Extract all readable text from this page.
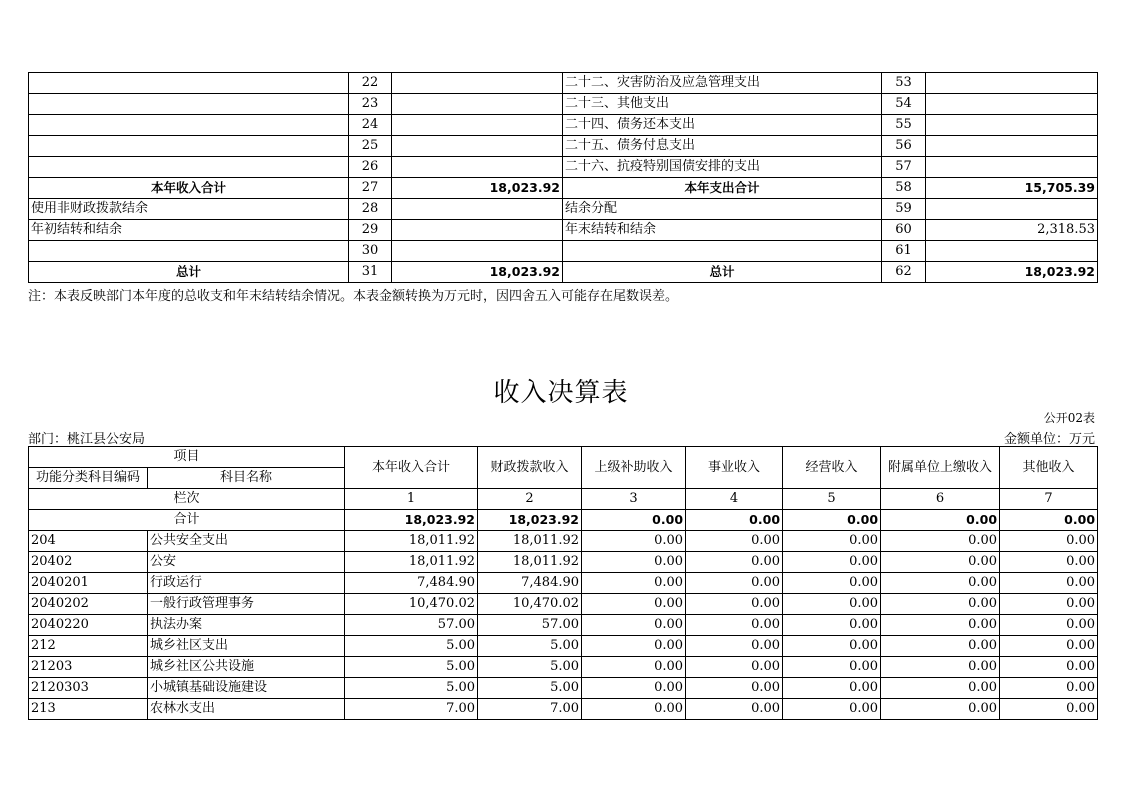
	22		二十二、灾害防治及应急管理支出	53	
	23		二十三、其他支出	54	
	24		二十四、债务还本支出	55	
	25		二十五、债务付息支出	56	
	26		二十六、抗疫特别国债安排的支出	57	
本年收入合计	27	18,023.92	本年支出合计	58	15,705.39
使用非财政拨款结余	28		结余分配	59	
年初结转和结余	29		年末结转和结余	60	2,318.53
	30			61	
总计	31	18,023.92	总计	62	18,023.92
注：本表反映部门本年度的总收支和年末结转结余情况。本表金额转换为万元时，因四舍五入可能存在尾数误差。
收入决算表
公开02表
部门：桃江县公安局	金额单位：万元
项目		本年收入合计	财政拨款收入	上级补助收入	事业收入	经营收入	附属单位上缴收入	其他收入
功能分类科目编码	科目名称							
栏次		1	2	3	4	5	6	7
合计		18,023.92	18,023.92	0.00	0.00	0.00	0.00	0.00
204	公共安全支出	18,011.92	18,011.92	0.00	0.00	0.00	0.00	0.00
20402	公安	18,011.92	18,011.92	0.00	0.00	0.00	0.00	0.00
2040201	行政运行	7,484.90	7,484.90	0.00	0.00	0.00	0.00	0.00
2040202	一般行政管理事务	10,470.02	10,470.02	0.00	0.00	0.00	0.00	0.00
2040220	执法办案	57.00	57.00	0.00	0.00	0.00	0.00	0.00
212	城乡社区支出	5.00	5.00	0.00	0.00	0.00	0.00	0.00
21203	城乡社区公共设施	5.00	5.00	0.00	0.00	0.00	0.00	0.00
2120303	小城镇基础设施建设	5.00	5.00	0.00	0.00	0.00	0.00	0.00
213	农林水支出	7.00	7.00	0.00	0.00	0.00	0.00	0.00
